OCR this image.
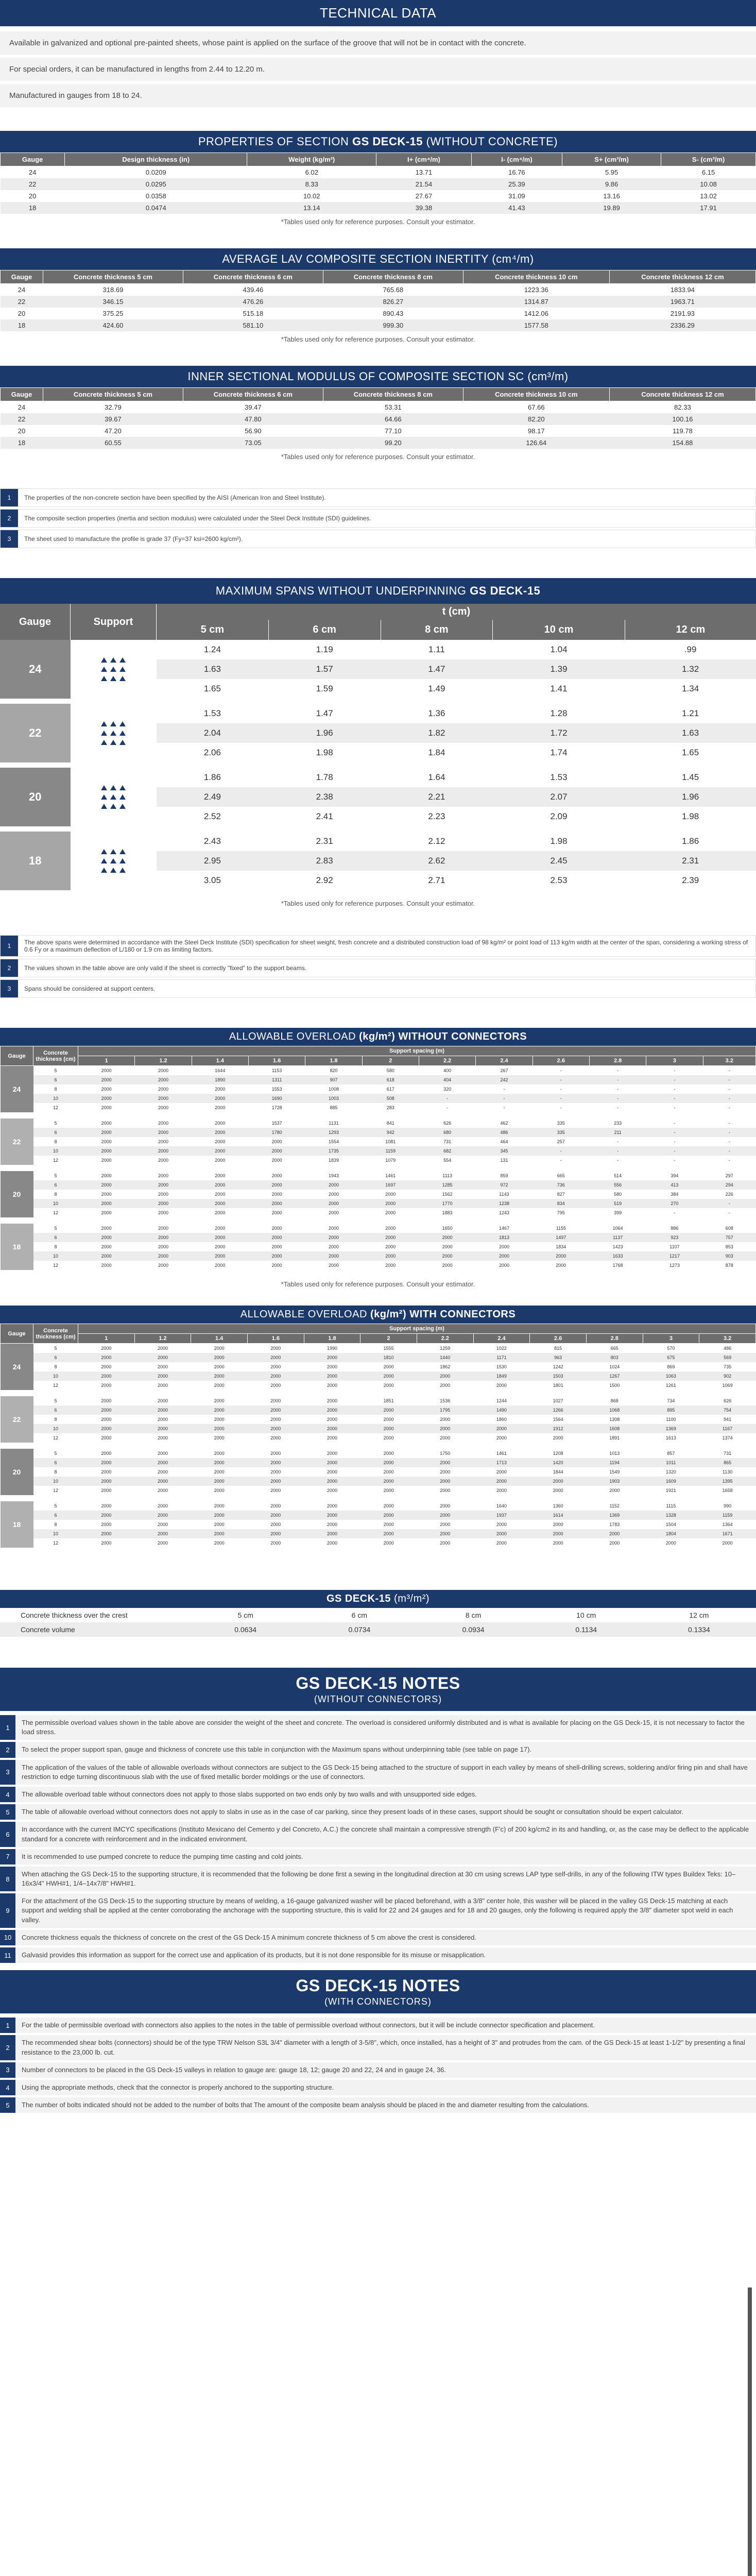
TECHNICAL DATA
Available in galvanized and optional pre-painted sheets, whose paint is applied on the surface of the groove that will not be in contact with the concrete.
For special orders, it can be manufactured in lengths from 2.44 to 12.20 m.
Manufactured in gauges from 18 to 24.
PROPERTIES OF SECTION GS DECK-15 (WITHOUT CONCRETE)
Gauge	Design thickness (in)	Weight (kg/m²)	I+ (cm⁴/m)	I- (cm⁴/m)	S+ (cm³/m)	S- (cm³/m)
24	0.0209	6.02	13.71	16.76	5.95	6.15
22	0.0295	8.33	21.54	25.39	9.86	10.08
20	0.0358	10.02	27.67	31.09	13.16	13.02
18	0.0474	13.14	39.38	41.43	19.89	17.91
*Tables used only for reference purposes. Consult your estimator.
AVERAGE LAV COMPOSITE SECTION INERTITY (cm⁴/m)
Gauge	Concrete thickness 5 cm	Concrete thickness 6 cm	Concrete thickness 8 cm	Concrete thickness 10 cm	Concrete thickness 12 cm
24	318.69	439.46	765.68	1223.36	1833.94
22	346.15	476.26	826.27	1314.87	1963.71
20	375.25	515.18	890.43	1412.06	2191.93
18	424.60	581.10	999.30	1577.58	2336.29
*Tables used only for reference purposes. Consult your estimator.
INNER SECTIONAL MODULUS OF COMPOSITE SECTION SC (cm³/m)
Gauge	Concrete thickness 5 cm	Concrete thickness 6 cm	Concrete thickness 8 cm	Concrete thickness 10 cm	Concrete thickness 12 cm
24	32.79	39.47	53.31	67.66	82.33
22	39.67	47.80	64.66	82.20	100.16
20	47.20	56.90	77.10	98.17	119.78
18	60.55	73.05	99.20	126.64	154.88
*Tables used only for reference purposes. Consult your estimator.
1	The properties of the non-concrete section have been specified by the AISI (American Iron and Steel Institute).
2	The composite section properties (inertia and section modulus) were calculated under the Steel Deck Institute (SDI) guidelines.
3	The sheet used to manufacture the profile is grade 37 (Fy=37 ksi=2600 kg/cm²).
MAXIMUM SPANS WITHOUT UNDERPINNING GS DECK-15
Gauge	Support	t (cm)				
		5 cm	6 cm	8 cm	10 cm	12 cm
24		1.24	1.19	1.11	1.04	.99
		1.63	1.57	1.47	1.39	1.32
		1.65	1.59	1.49	1.41	1.34

22		1.53	1.47	1.36	1.28	1.21
		2.04	1.96	1.82	1.72	1.63
		2.06	1.98	1.84	1.74	1.65

20		1.86	1.78	1.64	1.53	1.45
		2.49	2.38	2.21	2.07	1.96
		2.52	2.41	2.23	2.09	1.98

18		2.43	2.31	2.12	1.98	1.86
		2.95	2.83	2.62	2.45	2.31
		3.05	2.92	2.71	2.53	2.39

*Tables used only for reference purposes. Consult your estimator.
1	The above spans were determined in accordance with the Steel Deck Institute (SDI) specification for sheet weight, fresh concrete and a distributed construction load of 98 kg/m² or point load of 113 kg/m width at the center of the span, considering a working stress of 0.6 Fy or a maximum deflection of L/180 or 1.9 cm as limiting factors.
2	The values shown in the table above are only valid if the sheet is correctly "fixed" to the support beams.
3	Spans should be considered at support centers.
ALLOWABLE OVERLOAD (kg/m²) WITHOUT CONNECTORS
Gauge	Concrete thickness (cm)	Support spacing (m)											
		1	1.2	1.4	1.6	1.8	2	2.2	2.4	2.6	2.8	3	3.2
24	5	2000	2000	1644	1153	820	580	400	267	-	-	-	-
	6	2000	2000	1890	1311	907	618	404	242	-	-	-	-
	8	2000	2000	2000	1553	1008	617	320	-	-	-	-	-
	10	2000	2000	2000	1690	1003	508	-	-	-	-	-	-
	12	2000	2000	2000	1728	885	283	-	-	-	-	-	-

22	5	2000	2000	2000	1537	1131	841	626	462	335	233	-	-
	6	2000	2000	2000	1780	1293	942	680	486	335	211	-	-
	8	2000	2000	2000	2000	1554	1081	731	464	257	-	-	-
	10	2000	2000	2000	2000	1735	1159	682	345	-	-	-	-
	12	2000	2000	2000	2000	1839	1079	554	131	-	-	-	-

20	5	2000	2000	2000	2000	1943	1461	1113	859	665	514	394	297
	6	2000	2000	2000	2000	2000	1697	1285	972	736	556	413	294
	8	2000	2000	2000	2000	2000	2000	1562	1143	827	580	384	226
	10	2000	2000	2000	2000	2000	2000	1770	1238	834	519	270	-
	12	2000	2000	2000	2000	2000	2000	1883	1243	795	399	-	-

18	5	2000	2000	2000	2000	2000	2000	1650	1467	1155	1064	886	608
	6	2000	2000	2000	2000	2000	2000	2000	1813	1497	1137	923	757
	8	2000	2000	2000	2000	2000	2000	2000	2000	1834	1423	1107	853
	10	2000	2000	2000	2000	2000	2000	2000	2000	2000	1633	1217	903
	12	2000	2000	2000	2000	2000	2000	2000	2000	2000	1768	1273	878

*Tables used only for reference purposes. Consult your estimator.
ALLOWABLE OVERLOAD (kg/m²) WITH CONNECTORS
Gauge	Concrete thickness (cm)	Support spacing (m)											
		1	1.2	1.4	1.6	1.8	2	2.2	2.4	2.6	2.8	3	3.2
24	5	2000	2000	2000	2000	1990	1555	1259	1022	815	665	570	486
	6	2000	2000	2000	2000	2000	1810	1440	1171	963	803	675	569
	8	2000	2000	2000	2000	2000	2000	1862	1530	1242	1024	869	735
	10	2000	2000	2000	2000	2000	2000	2000	1849	1503	1267	1063	902
	12	2000	2000	2000	2000	2000	2000	2000	2000	1801	1500	1261	1069

22	5	2000	2000	2000	2000	2000	1851	1536	1244	1027	868	734	626
	6	2000	2000	2000	2000	2000	2000	1795	1490	1266	1068	895	754
	8	2000	2000	2000	2000	2000	2000	2000	1860	1564	1308	1100	941
	10	2000	2000	2000	2000	2000	2000	2000	2000	1912	1608	1369	1167
	12	2000	2000	2000	2000	2000	2000	2000	2000	2000	1891	1613	1374

20	5	2000	2000	2000	2000	2000	2000	1750	1461	1208	1013	857	731
	6	2000	2000	2000	2000	2000	2000	2000	1713	1420	1194	1011	865
	8	2000	2000	2000	2000	2000	2000	2000	2000	1844	1549	1320	1130
	10	2000	2000	2000	2000	2000	2000	2000	2000	2000	1903	1609	1395
	12	2000	2000	2000	2000	2000	2000	2000	2000	2000	2000	1921	1658

18	5	2000	2000	2000	2000	2000	2000	2000	1640	1360	1152	1115	990
	6	2000	2000	2000	2000	2000	2000	2000	1937	1614	1369	1328	1159
	8	2000	2000	2000	2000	2000	2000	2000	2000	2000	1783	1504	1364
	10	2000	2000	2000	2000	2000	2000	2000	2000	2000	2000	1804	1671
	12	2000	2000	2000	2000	2000	2000	2000	2000	2000	2000	2000	2000

GS DECK-15 (m³/m²)
Concrete thickness over the crest	5 cm	6 cm	8 cm	10 cm	12 cm
Concrete volume	0.0634	0.0734	0.0934	0.1134	0.1334
GS DECK-15 NOTES
(WITHOUT CONNECTORS)
1
The permissible overload values shown in the table above are consider the weight of the sheet and concrete. The overload is considered uniformly distributed and is what is available for placing on the GS Deck-15, it is not necessary to factor the load stress.
2	To select the proper support span, gauge and thickness of concrete use this table in conjunction with the Maximum spans without underpinning table (see table on page 17).
3
The application of the values of the table of allowable overloads without connectors are subject to the GS Deck-15 being attached to the structure of support in each valley by means of shell-drilling screws, soldering and/or firing pin and shall have restriction to edge turning discontinuous slab with the use of fixed metallic border moldings or the use of connectors.
4	The allowable overload table without connectors does not apply to those slabs supported on two ends only by two walls and with unsupported side edges.
5	The table of allowable overload without connectors does not apply to slabs in use as in the case of car parking, since they present loads of in these cases, support should be sought or consultation should be expert calculator.
6
In accordance with the current IMCYC specifications (Instituto Mexicano del Cemento y del Concreto, A.C.) the concrete shall maintain a compressive strength (F'c) of 200 kg/cm2 in its and handling, or, as the case may be deflect to the applicable standard for a concrete with reinforcement and in the indicated environment.
7	It is recommended to use pumped concrete to reduce the pumping time casting and cold joints.
8
When attaching the GS Deck-15 to the supporting structure, it is recommended that the following be done first a sewing in the longitudinal direction at 30 cm using screws LAP type self-drills, in any of the following ITW types Buildex Teks: 10–16x3/4" HWH#1, 1/4–14x7/8" HWH#1.
9
For the attachment of the GS Deck-15 to the supporting structure by means of welding, a 16-gauge galvanized washer will be placed beforehand, with a 3/8" center hole, this washer will be placed in the valley GS Deck-15 matching at each support and welding shall be applied at the center corroborating the anchorage with the supporting structure, this is valid for 22 and 24 gauges and for 18 and 20 gauges, only the following is required apply the 3/8" diameter spot weld in each valley.
10	Concrete thickness equals the thickness of concrete on the crest of the GS Deck-15 A minimum concrete thickness of 5 cm above the crest is considered.
11	Galvasid provides this information as support for the correct use and application of its products, but it is not done responsible for its misuse or misapplication.
GS DECK-15 NOTES
(WITH CONNECTORS)
1	For the table of permissible overload with connectors also applies to the notes in the table of permissible overload without connectors, but it will be include connector specification and placement.
2
The recommended shear bolts (connectors) should be of the type TRW Nelson S3L 3/4" diameter with a length of 3-5/8", which, once installed, has a height of 3" and protrudes from the cam. of the GS Deck-15 at least 1-1/2" by presenting a final resistance to the 23,000 lb. cut.
3	Number of connectors to be placed in the GS Deck-15 valleys in relation to gauge are: gauge 18, 12; gauge 20 and 22, 24 and in gauge 24, 36.
4	Using the appropriate methods, check that the connector is properly anchored to the supporting structure.
5	The number of bolts indicated should not be added to the number of bolts that The amount of the composite beam analysis should be placed in the and diameter resulting from the calculations.
